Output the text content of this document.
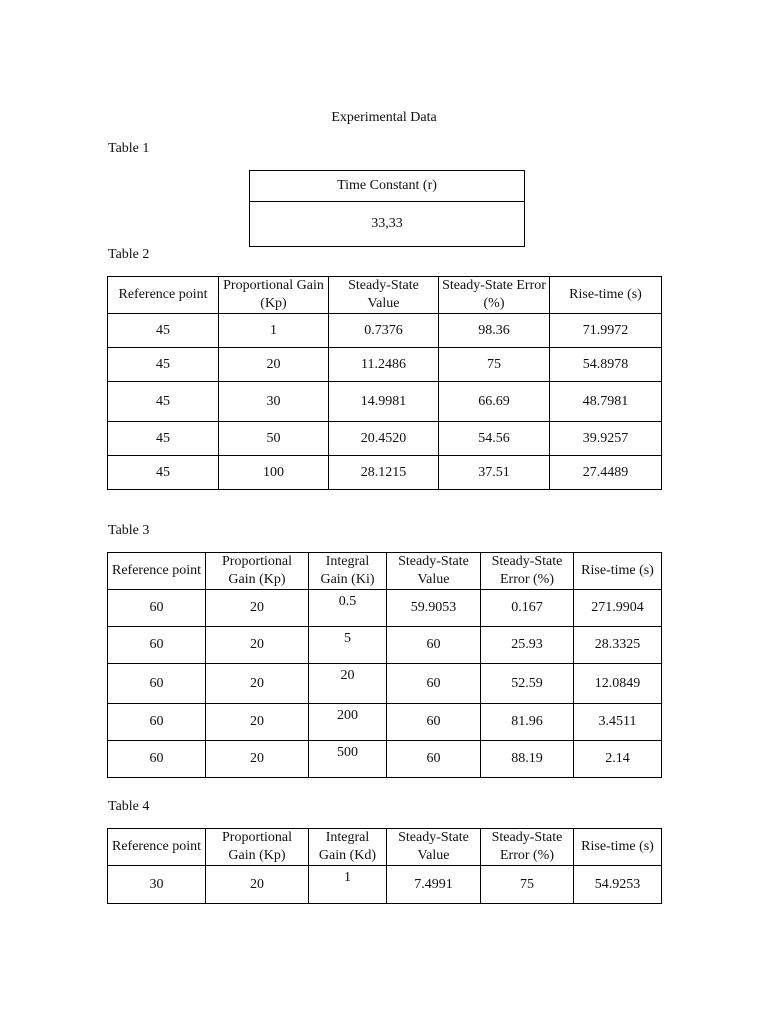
Experimental Data
Table 1
Time Constant (r)
33,33
Table 2
Reference point	Proportional Gain (Kp)	Steady-State Value	Steady-State Error (%)	Rise-time (s)
45	1	0.7376	98.36	71.9972
45	20	11.2486	75	54.8978
45	30	14.9981	66.69	48.7981
45	50	20.4520	54.56	39.9257
45	100	28.1215	37.51	27.4489
Table 3
Reference point	Proportional Gain (Kp)	Integral Gain (Ki)	Steady-State Value	Steady-State Error (%)	Rise-time (s)
60	20	0.5	59.9053	0.167	271.9904
60	20	5	60	25.93	28.3325
60	20	20	60	52.59	12.0849
60	20	200	60	81.96	3.4511
60	20	500	60	88.19	2.14
Table 4
Reference point	Proportional Gain (Kp)	Integral Gain (Kd)	Steady-State Value	Steady-State Error (%)	Rise-time (s)
30	20	1	7.4991	75	54.9253
